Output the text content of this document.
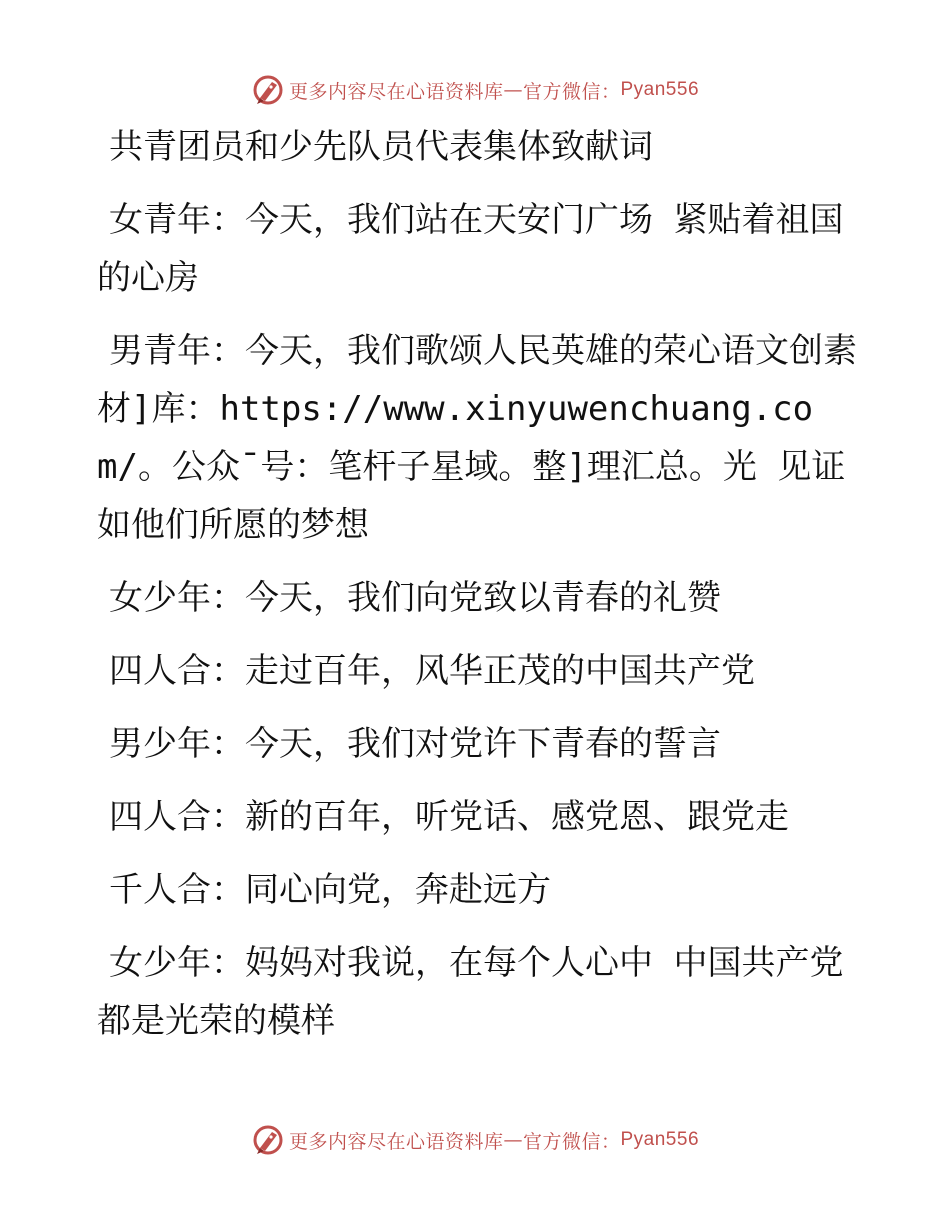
更多内容尽在心语资料库 — 官方微信： Pyan556

共青团员和少先队员代表集体致献词

女青年：今天，我们站在天安门广场 紧贴着祖国的心房

男青年：今天，我们歌颂人民英雄的荣心语文创素材]库：https://www.xinyuwenchuang.com/。公众¯号：笔杆子星域。整]理汇总。光 见证如他们所愿的梦想

女少年：今天，我们向党致以青春的礼赞

四人合：走过百年，风华正茂的中国共产党

男少年：今天，我们对党许下青春的誓言

四人合：新的百年，听党话、感党恩、跟党走

千人合：同心向党，奔赴远方

女少年：妈妈对我说，在每个人心中 中国共产党都是光荣的模样

更多内容尽在心语资料库 — 官方微信： Pyan556
